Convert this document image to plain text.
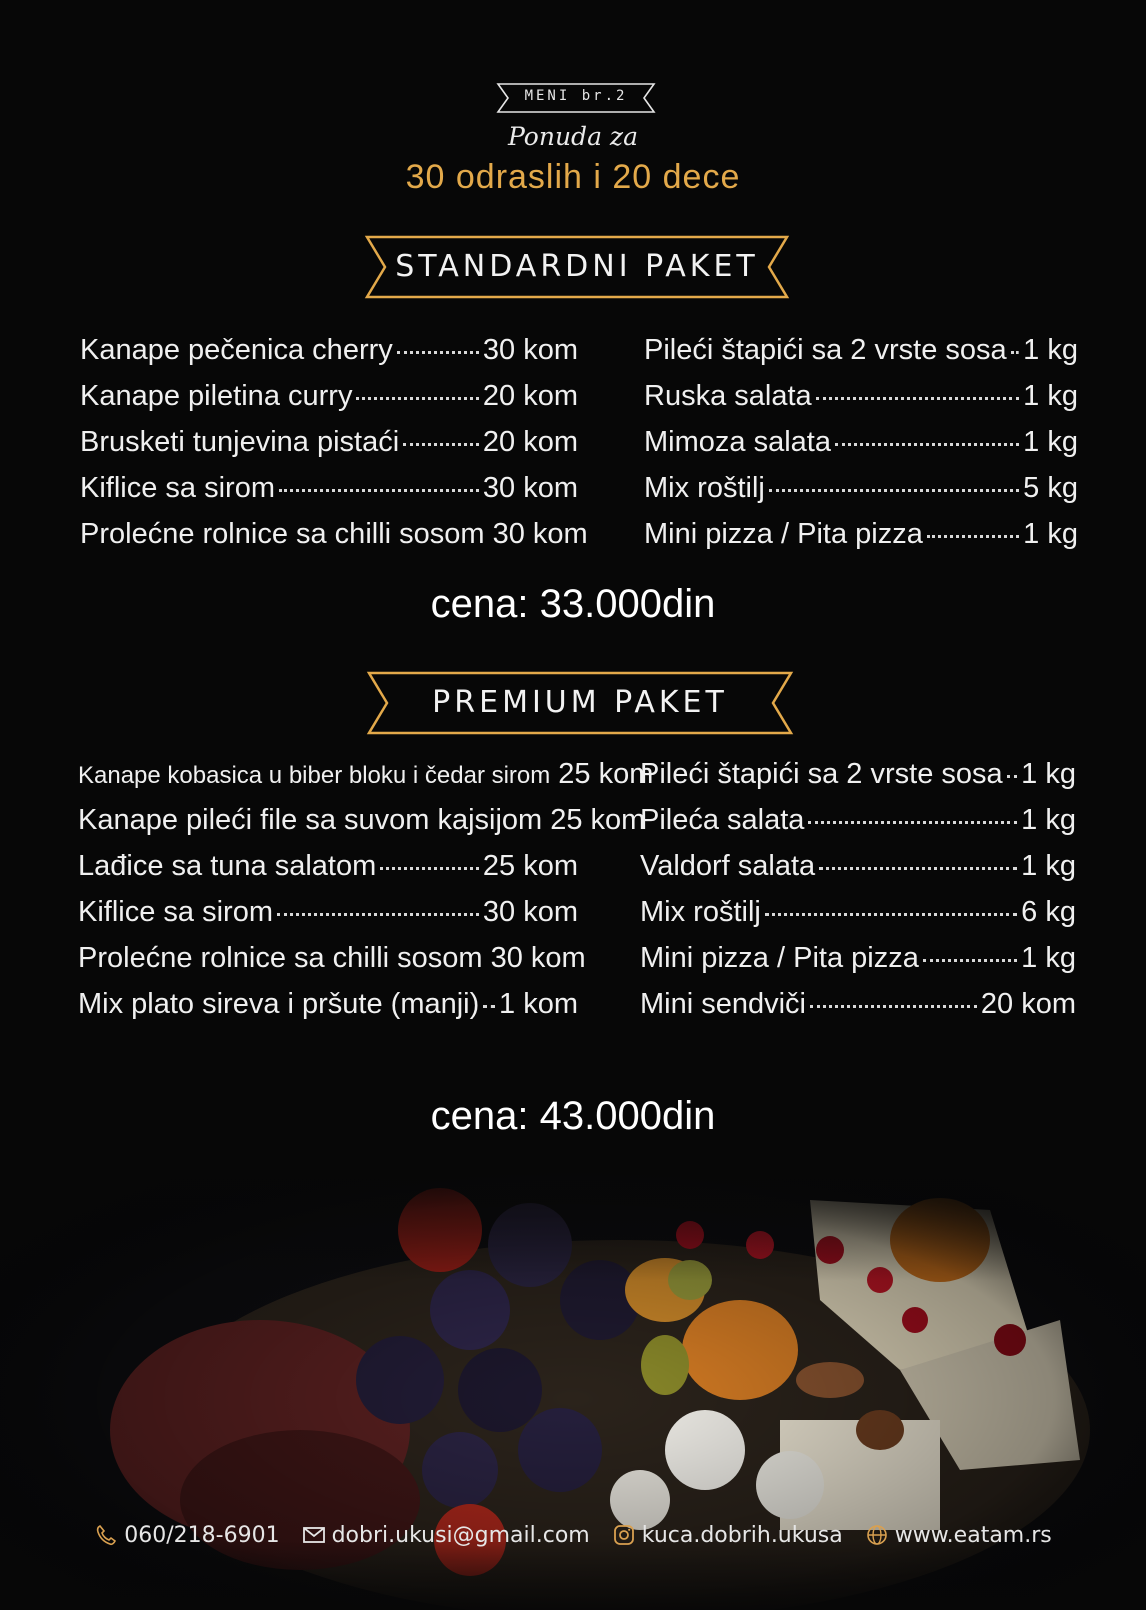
MENI br.2
Ponuda za
30 odraslih i 20 dece
STANDARDNI PAKET
Kanape pečenica cherry	30 kom
Kanape piletina curry	20 kom
Brusketi tunjevina pistaći	20 kom
Kiflice sa sirom	30 kom
Prolećne rolnice sa chilli sosom 30 kom
Pileći štapići sa 2 vrste sosa 1 kg
Ruska salata	1 kg
Mimoza salata	1 kg
Mix roštilj	5 kg
Mini pizza / Pita pizza	1 kg
cena: 33.000din
PREMIUM PAKET
Kanape kobasica u biber bloku i čedar sirom 25 kom
Kanape pileći file sa suvom kajsijom 25 kom
Lađice sa tuna salatom	25 kom
Kiflice sa sirom	30 kom
Prolećne rolnice sa chilli sosom 30 kom
Mix plato sireva i pršute (manji) 1 kom
Pileći štapići sa 2 vrste sosa 1 kg
Pileća salata	1 kg
Valdorf salata	1 kg
Mix roštilj	6 kg
Mini pizza / Pita pizza	1 kg
Mini sendviči	20 kom
cena: 43.000din
060/218-6901 dobri.ukusi@gmail.com kuca.dobrih.ukusa www.eatam.rs
